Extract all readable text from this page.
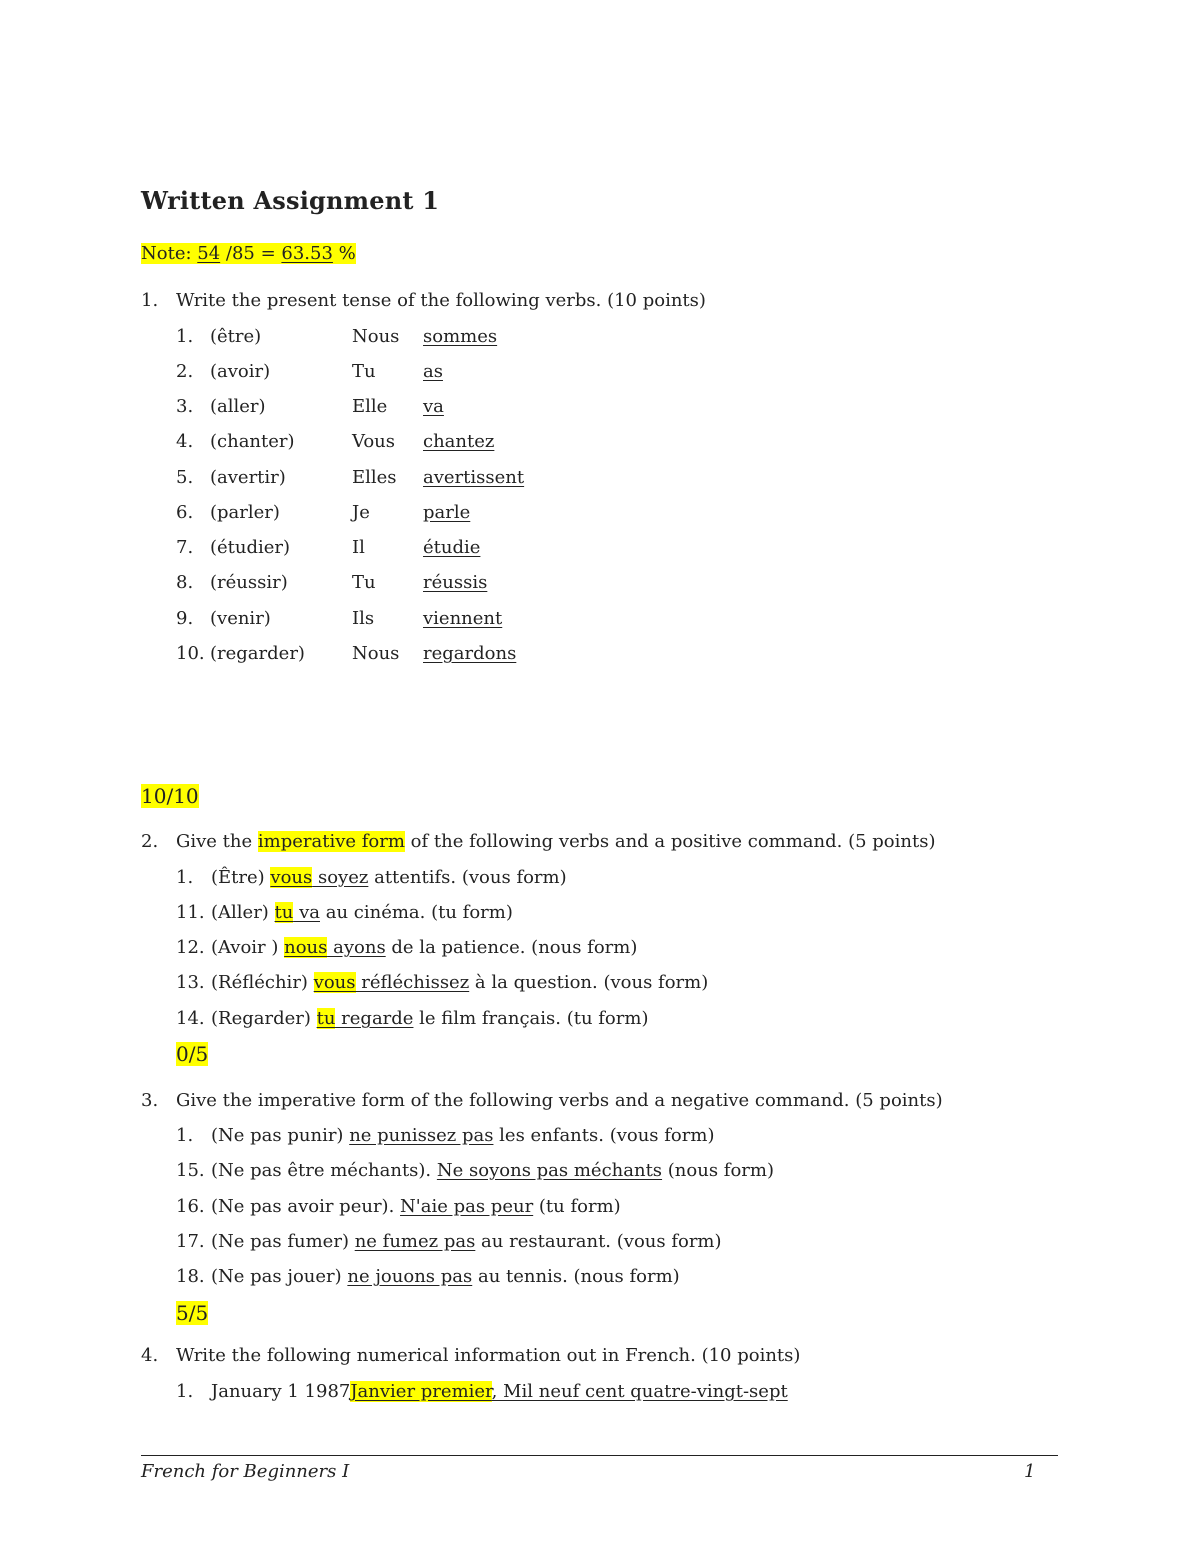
Written Assignment 1
Note: 54 /85 = 63.53 %
1. Write the present tense of the following verbs. (10 points)
1. (être)	Nous sommes
2. (avoir)	Tu	as
3. (aller)	Elle va
4. (chanter)	Vous chantez
5. (avertir)	Elles avertissent
6. (parler)	Je	parle
7. (étudier)	Il	étudie
8. (réussir)	Tu	réussis
9. (venir)	Ils	viennent
10. (regarder)	Nous regardons
10/10
2. Give the imperative form of the following verbs and a positive command. (5 points)
1. (Être) vous soyez attentifs. (vous form)
11. (Aller) tu va au cinéma. (tu form)
12. (Avoir ) nous ayons de la patience. (nous form)
13. (Réfléchir) vous réfléchissez à la question. (vous form)
14. (Regarder) tu regarde le film français. (tu form)
0/5
3. Give the imperative form of the following verbs and a negative command. (5 points)
1. (Ne pas punir) ne punissez pas les enfants. (vous form)
15. (Ne pas être méchants). Ne soyons pas méchants (nous form)
16. (Ne pas avoir peur). N'aie pas peur (tu form)
17. (Ne pas fumer) ne fumez pas au restaurant. (vous form)
18. (Ne pas jouer) ne jouons pas au tennis. (nous form)
5/5
4. Write the following numerical information out in French. (10 points)
1. January 1 1987Janvier premier, Mil neuf cent quatre-vingt-sept
French for Beginners I	1
